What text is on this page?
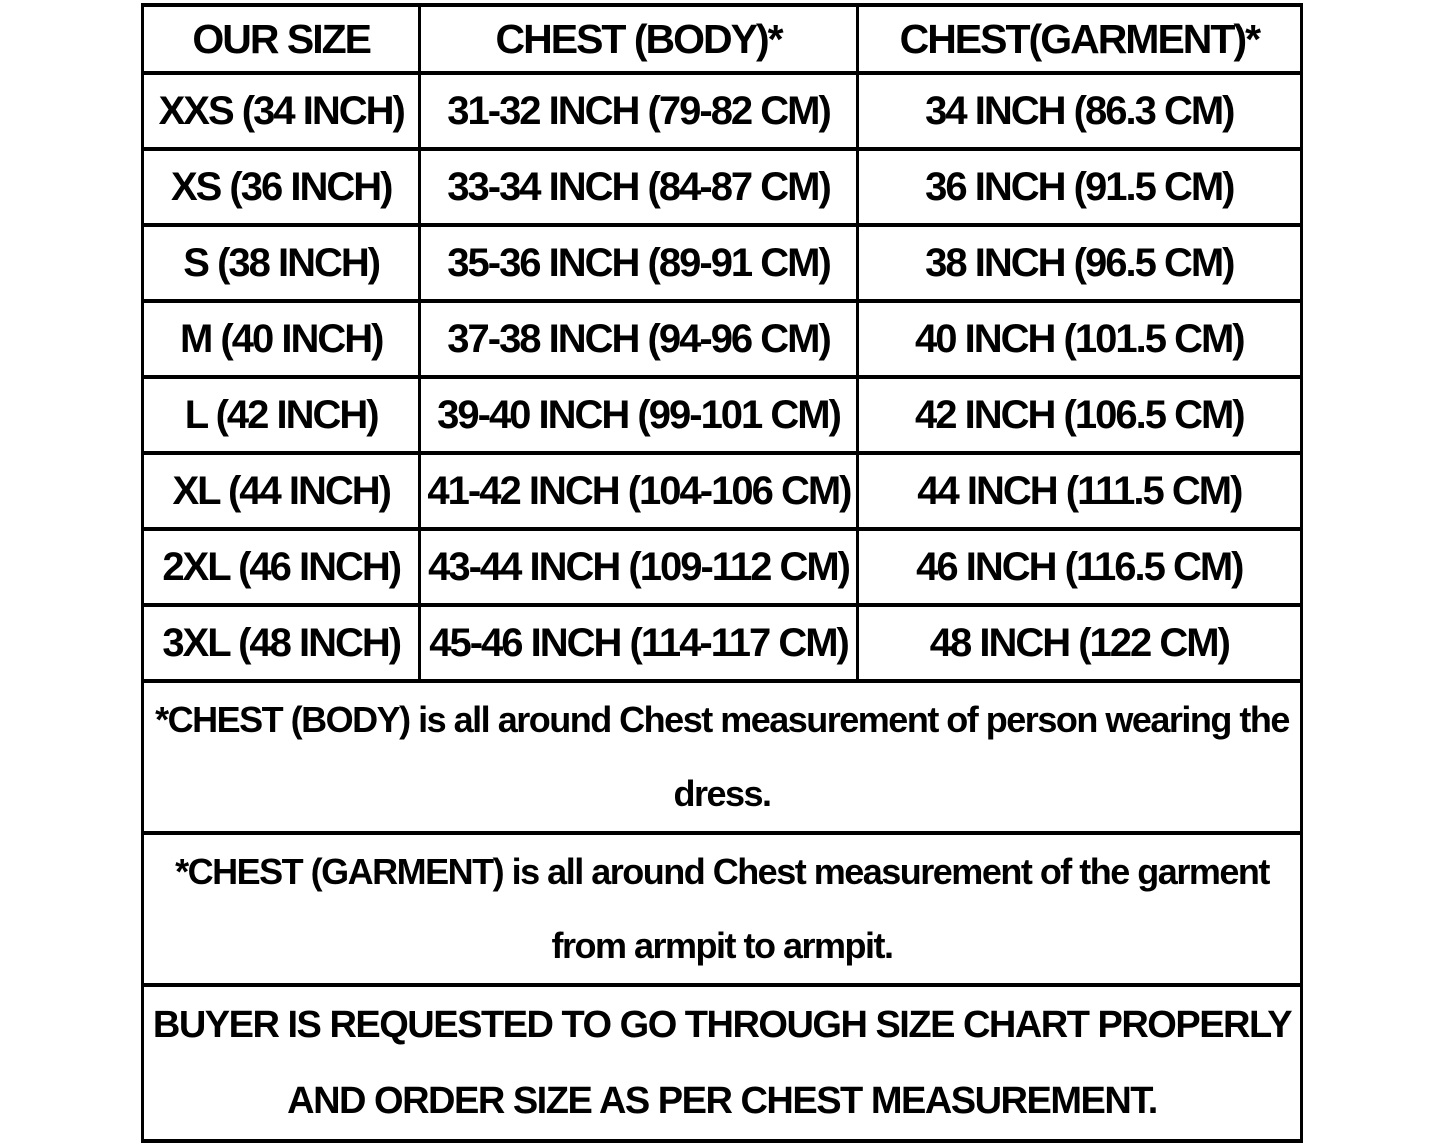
OUR SIZE	CHEST (BODY)*	CHEST(GARMENT)*
XXS (34 INCH)	31-32 INCH (79-82 CM)	34 INCH (86.3 CM)
XS (36 INCH)	33-34 INCH (84-87 CM)	36 INCH (91.5 CM)
S (38 INCH)	35-36 INCH (89-91 CM)	38 INCH (96.5 CM)
M (40 INCH)	37-38 INCH (94-96 CM)	40 INCH (101.5 CM)
L (42 INCH)	39-40 INCH (99-101 CM)	42 INCH (106.5 CM)
XL (44 INCH)	41-42 INCH (104-106 CM)	44 INCH (111.5 CM)
2XL (46 INCH)	43-44 INCH (109-112 CM)	46 INCH (116.5 CM)
3XL (48 INCH)	45-46 INCH (114-117 CM)	48 INCH (122 CM)
*CHEST (BODY) is all around Chest measurement of person wearing the dress.		
*CHEST (GARMENT) is all around Chest measurement of the garment from armpit to armpit.		
BUYER IS REQUESTED TO GO THROUGH SIZE CHART PROPERLY AND ORDER SIZE AS PER CHEST MEASUREMENT.		
